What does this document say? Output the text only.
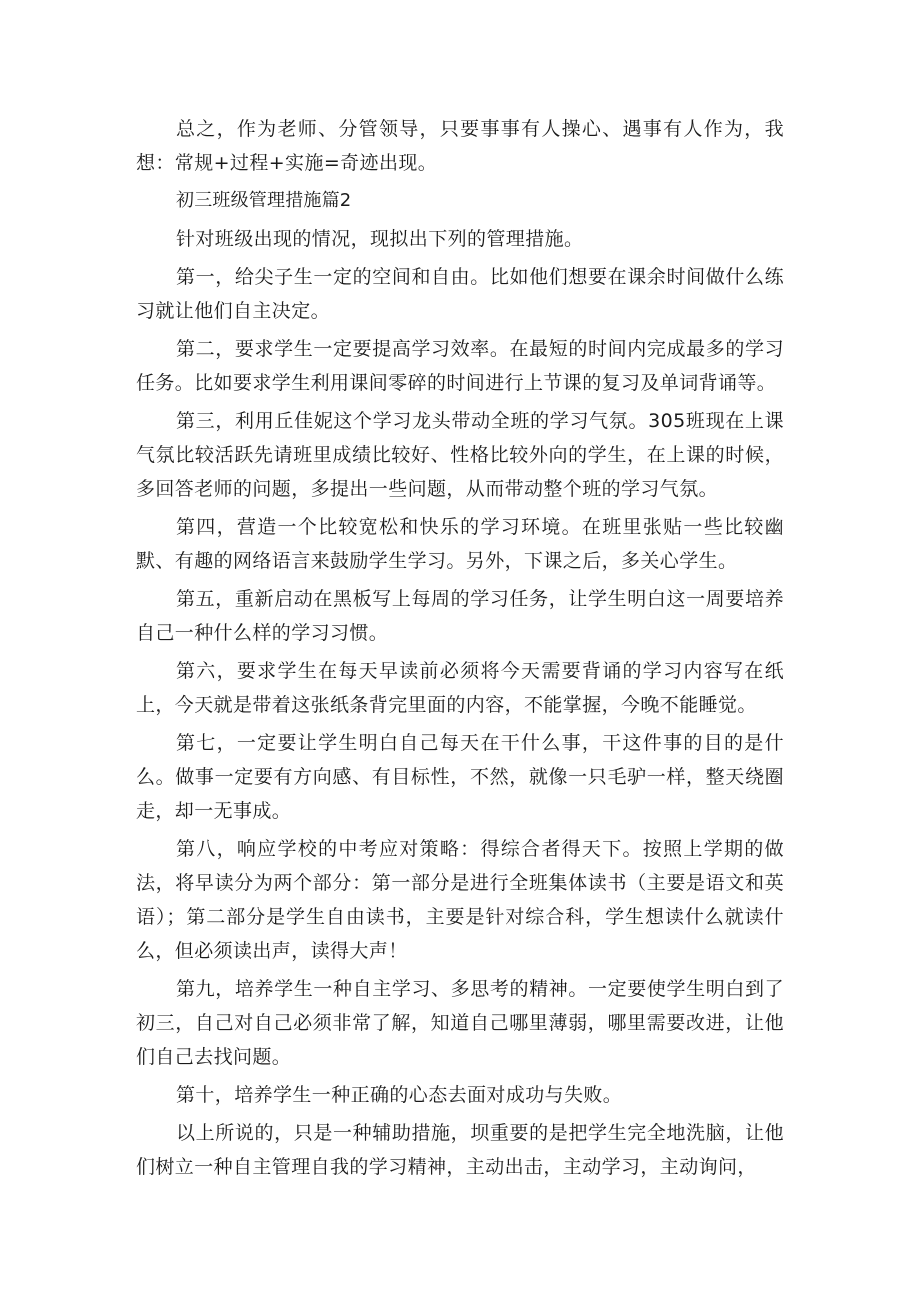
总之，作为老师、分管领导，只要事事有人操心、遇事有人作为，我想：常规+过程+实施=奇迹出现。

初三班级管理措施篇2

针对班级出现的情况，现拟出下列的管理措施。

第一，给尖子生一定的空间和自由。比如他们想要在课余时间做什么练习就让他们自主决定。

第二，要求学生一定要提高学习效率。在最短的时间内完成最多的学习任务。比如要求学生利用课间零碎的时间进行上节课的复习及单词背诵等。

第三，利用丘佳妮这个学习龙头带动全班的学习气氛。305班现在上课气氛比较活跃先请班里成绩比较好、性格比较外向的学生，在上课的时候，多回答老师的问题，多提出一些问题，从而带动整个班的学习气氛。

第四，营造一个比较宽松和快乐的学习环境。在班里张贴一些比较幽默、有趣的网络语言来鼓励学生学习。另外，下课之后，多关心学生。

第五，重新启动在黑板写上每周的学习任务，让学生明白这一周要培养自己一种什么样的学习习惯。

第六，要求学生在每天早读前必须将今天需要背诵的学习内容写在纸上，今天就是带着这张纸条背完里面的内容，不能掌握，今晚不能睡觉。

第七，一定要让学生明白自己每天在干什么事，干这件事的目的是什么。做事一定要有方向感、有目标性，不然，就像一只毛驴一样，整天绕圈走，却一无事成。

第八，响应学校的中考应对策略：得综合者得天下。按照上学期的做法，将早读分为两个部分：第一部分是进行全班集体读书（主要是语文和英语）；第二部分是学生自由读书，主要是针对综合科，学生想读什么就读什么，但必须读出声，读得大声！

第九，培养学生一种自主学习、多思考的精神。一定要使学生明白到了初三，自己对自己必须非常了解，知道自己哪里薄弱，哪里需要改进，让他们自己去找问题。

第十，培养学生一种正确的心态去面对成功与失败。

以上所说的，只是一种辅助措施，坝重要的是把学生完全地洗脑，让他们树立一种自主管理自我的学习精神，主动出击，主动学习，主动询问，
